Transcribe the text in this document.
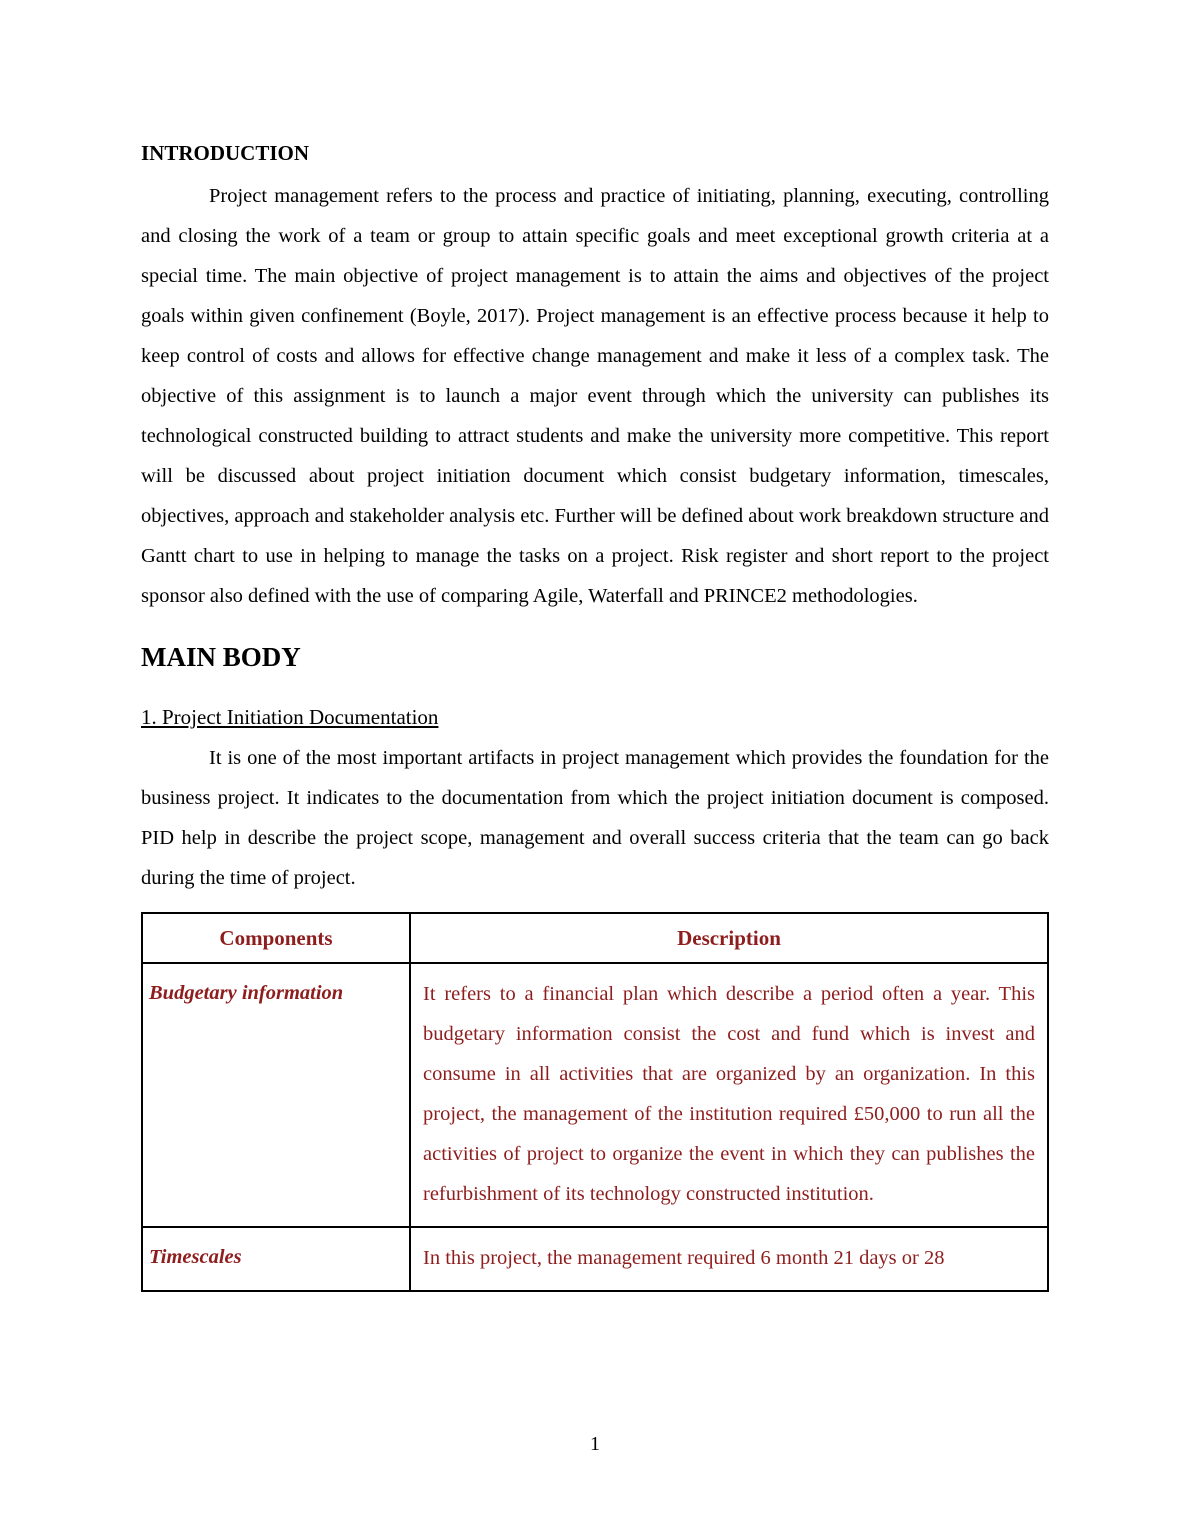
INTRODUCTION

Project management refers to the process and practice of initiating, planning, executing, controlling and closing the work of a team or group to attain specific goals and meet exceptional growth criteria at a special time. The main objective of project management is to attain the aims and objectives of the project goals within given confinement (Boyle, 2017). Project management is an effective process because it help to keep control of costs and allows for effective change management and make it less of a complex task. The objective of this assignment is to launch a major event through which the university can publishes its technological constructed building to attract students and make the university more competitive. This report will be discussed about project initiation document which consist budgetary information, timescales, objectives, approach and stakeholder analysis etc. Further will be defined about work breakdown structure and Gantt chart to use in helping to manage the tasks on a project. Risk register and short report to the project sponsor also defined with the use of comparing Agile, Waterfall and PRINCE2 methodologies.

MAIN BODY
1. Project Initiation Documentation

It is one of the most important artifacts in project management which provides the foundation for the business project. It indicates to the documentation from which the project initiation document is composed. PID help in describe the project scope, management and overall success criteria that the team can go back during the time of project.

Components	Description
Budgetary information	It refers to a financial plan which describe a period often a year. This budgetary information consist the cost and fund which is invest and consume in all activities that are organized by an organization. In this project, the management of the institution required £50,000 to run all the activities of project to organize the event in which they can publishes the refurbishment of its technology constructed institution.
Timescales	In this project, the management required 6 month 21 days or 28
1
